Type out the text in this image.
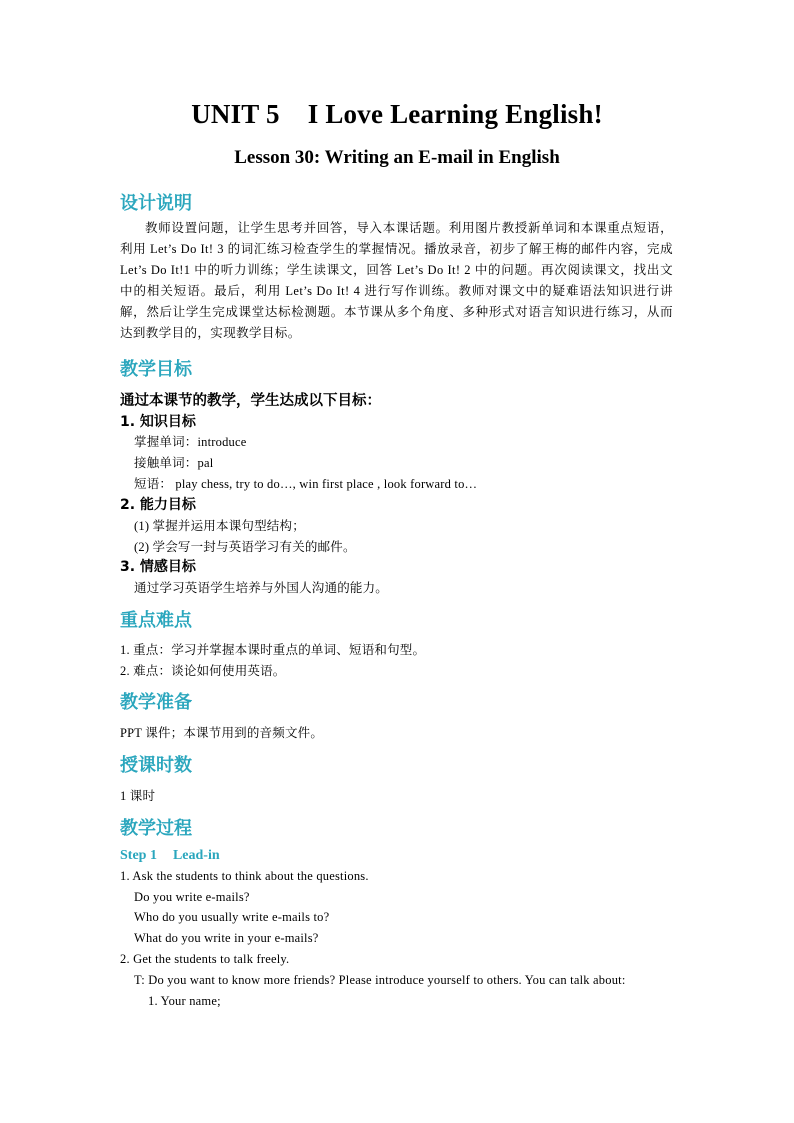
UNIT 5 I Love Learning English!
Lesson 30: Writing an E-mail in English
设计说明
教师设置问题，让学生思考并回答，导入本课话题。利用图片教授新单词和本课重点短语，利用 Let’s Do It! 3 的词汇练习检查学生的掌握情况。播放录音，初步了解王梅的邮件内容，完成 Let’s Do It!1 中的听力训练；学生读课文，回答 Let’s Do It! 2 中的问题。再次阅读课文，找出文中的相关短语。最后，利用 Let’s Do It! 4 进行写作训练。教师对课文中的疑难语法知识进行讲解，然后让学生完成课堂达标检测题。本节课从多个角度、多种形式对语言知识进行练习，从而达到教学目的，实现教学目标。
教学目标
通过本课节的教学，学生达成以下目标：
1. 知识目标
掌握单词：introduce
接触单词：pal
短语： play chess, try to do…, win first place , look forward to…
2. 能力目标
(1) 掌握并运用本课句型结构；
(2) 学会写一封与英语学习有关的邮件。
3. 情感目标
通过学习英语学生培养与外国人沟通的能力。
重点难点
1. 重点：学习并掌握本课时重点的单词、短语和句型。
2. 难点：谈论如何使用英语。
教学准备
PPT 课件；本课节用到的音频文件。
授课时数
1 课时
教学过程
Step 1 Lead-in
1. Ask the students to think about the questions.
Do you write e-mails?
Who do you usually write e-mails to?
What do you write in your e-mails?
2. Get the students to talk freely.
T: Do you want to know more friends? Please introduce yourself to others. You can talk about:
1. Your name;
